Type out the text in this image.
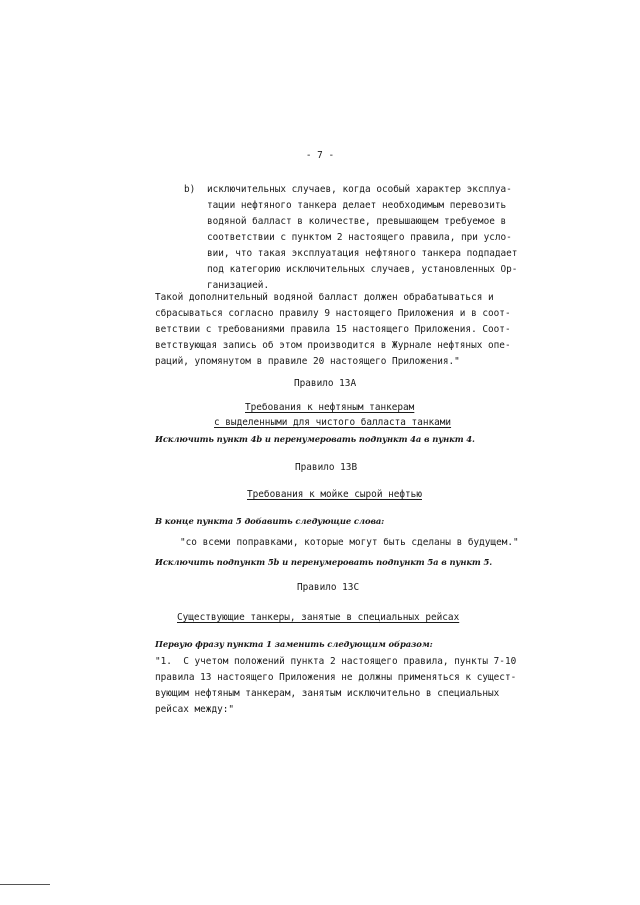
- 7 -
b) исключительных случаев, когда особый характер эксплуа-
тации нефтяного танкера делает необходимым перевозить
водяной балласт в количестве, превышающем требуемое в
соответствии с пунктом 2 настоящего правила, при усло-
вии, что такая эксплуатация нефтяного танкера подпадает
под категорию исключительных случаев, установленных Ор-
ганизацией.
Такой дополнительный водяной балласт должен обрабатываться и
сбрасываться согласно правилу 9 настоящего Приложения и в соот-
ветствии с требованиями правила 15 настоящего Приложения. Соот-
ветствующая запись об этом производится в Журнале нефтяных опе-
раций, упомянутом в правиле 20 настоящего Приложения."
Правило 13А
Требования к нефтяным танкерам
с выделенными для чистого балласта танками
Исключить пункт 4b и перенумеровать подпункт 4a в пункт 4.
Правило 13В
Требования к мойке сырой нефтью
В конце пункта 5 добавить следующие слова:
"со всеми поправками, которые могут быть сделаны в будущем."
Исключить подпункт 5b и перенумеровать подпункт 5a в пункт 5.
Правило 13С
Существующие танкеры, занятые в специальных рейсах
Первую фразу пункта 1 заменить следующим образом:
"1.  С учетом положений пункта 2 настоящего правила, пункты 7-10
правила 13 настоящего Приложения не должны применяться к сущест-
вующим нефтяным танкерам, занятым исключительно в специальных
рейсах между:"
